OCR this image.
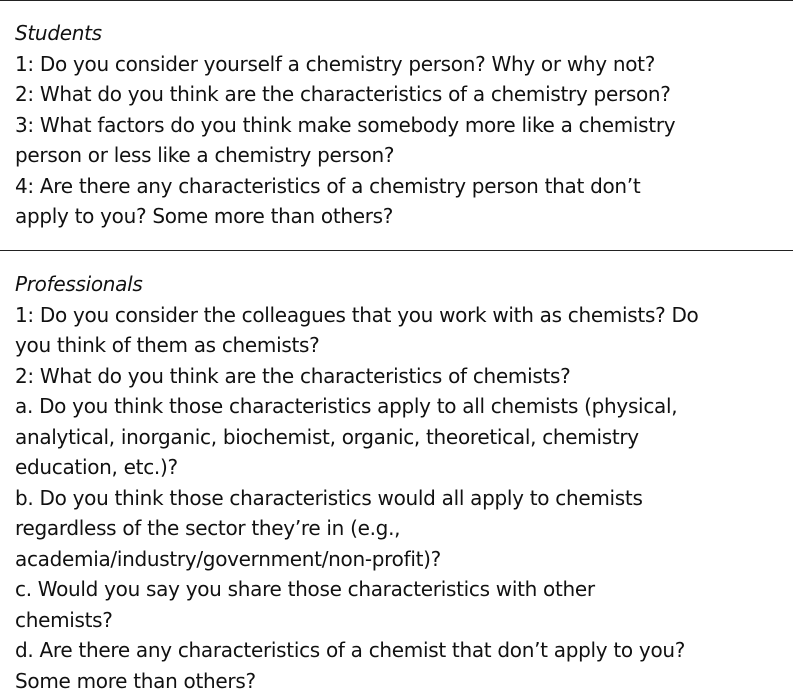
Students
1: Do you consider yourself a chemistry person? Why or why not?
2: What do you think are the characteristics of a chemistry person?
3: What factors do you think make somebody more like a chemistry
person or less like a chemistry person?
4: Are there any characteristics of a chemistry person that don’t
apply to you? Some more than others?
Professionals
1: Do you consider the colleagues that you work with as chemists? Do
you think of them as chemists?
2: What do you think are the characteristics of chemists?
a. Do you think those characteristics apply to all chemists (physical,
analytical, inorganic, biochemist, organic, theoretical, chemistry
education, etc.)?
b. Do you think those characteristics would all apply to chemists
regardless of the sector they’re in (e.g.,
academia/industry/government/non-profit)?
c. Would you say you share those characteristics with other
chemists?
d. Are there any characteristics of a chemist that don’t apply to you?
Some more than others?
